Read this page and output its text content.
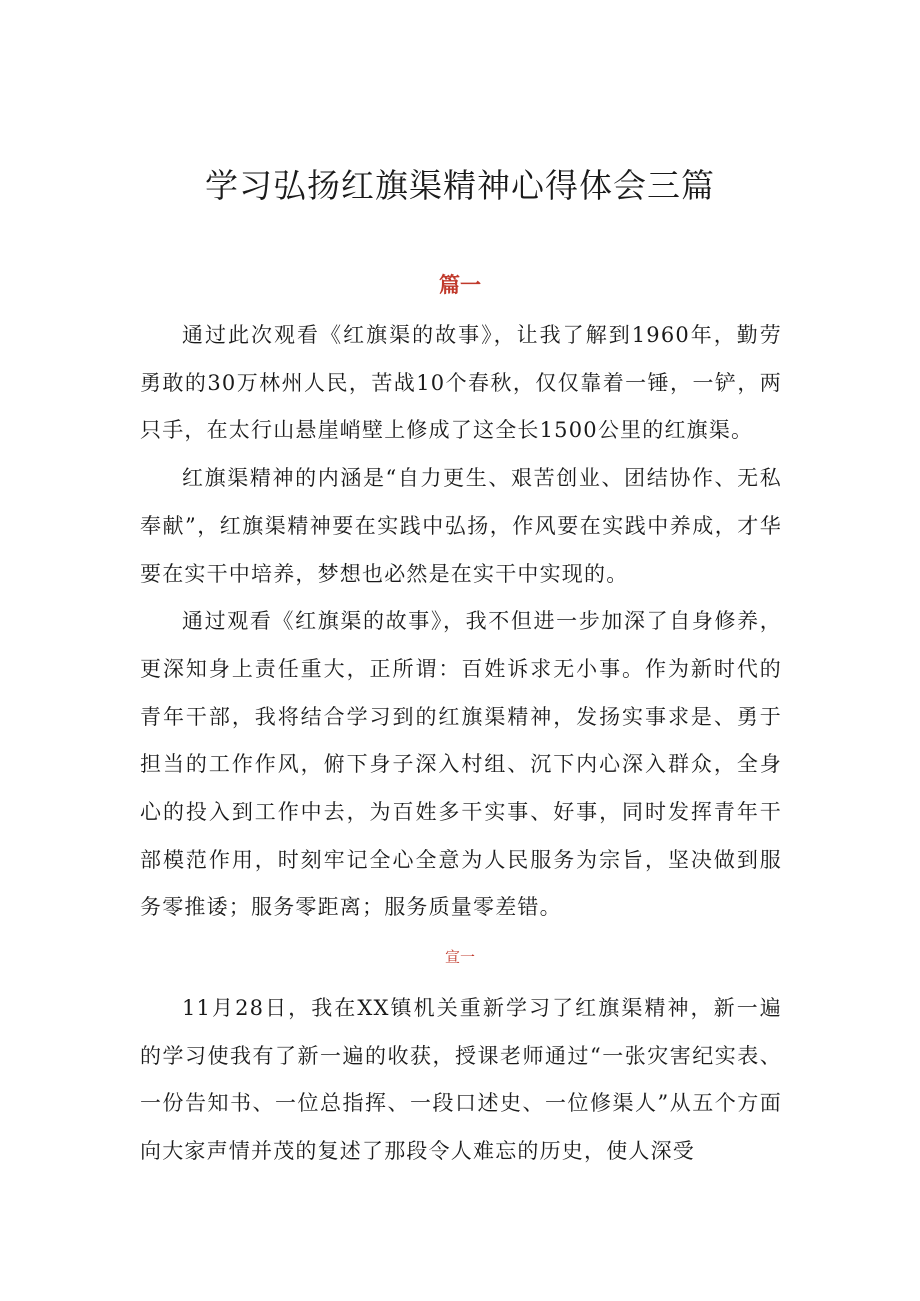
学习弘扬红旗渠精神心得体会三篇
篇一

通过此次观看《红旗渠的故事》，让我了解到1960年，勤劳勇敢的30万林州人民，苦战10个春秋，仅仅靠着一锤，一铲，两只手，在太行山悬崖峭壁上修成了这全长1500公里的红旗渠。

红旗渠精神的内涵是“自力更生、艰苦创业、团结协作、无私奉献”，红旗渠精神要在实践中弘扬，作风要在实践中养成，才华要在实干中培养，梦想也必然是在实干中实现的。

通过观看《红旗渠的故事》，我不但进一步加深了自身修养，更深知身上责任重大，正所谓：百姓诉求无小事。作为新时代的青年干部，我将结合学习到的红旗渠精神，发扬实事求是、勇于担当的工作作风，俯下身子深入村组、沉下内心深入群众，全身心的投入到工作中去，为百姓多干实事、好事，同时发挥青年干部模范作用，时刻牢记全心全意为人民服务为宗旨，坚决做到服务零推诿；服务零距离；服务质量零差错。

宣一

11月28日，我在XX镇机关重新学习了红旗渠精神，新一遍的学习使我有了新一遍的收获，授课老师通过“一张灾害纪实表、一份告知书、一位总指挥、一段口述史、一位修渠人”从五个方面向大家声情并茂的复述了那段令人难忘的历史，使人深受
